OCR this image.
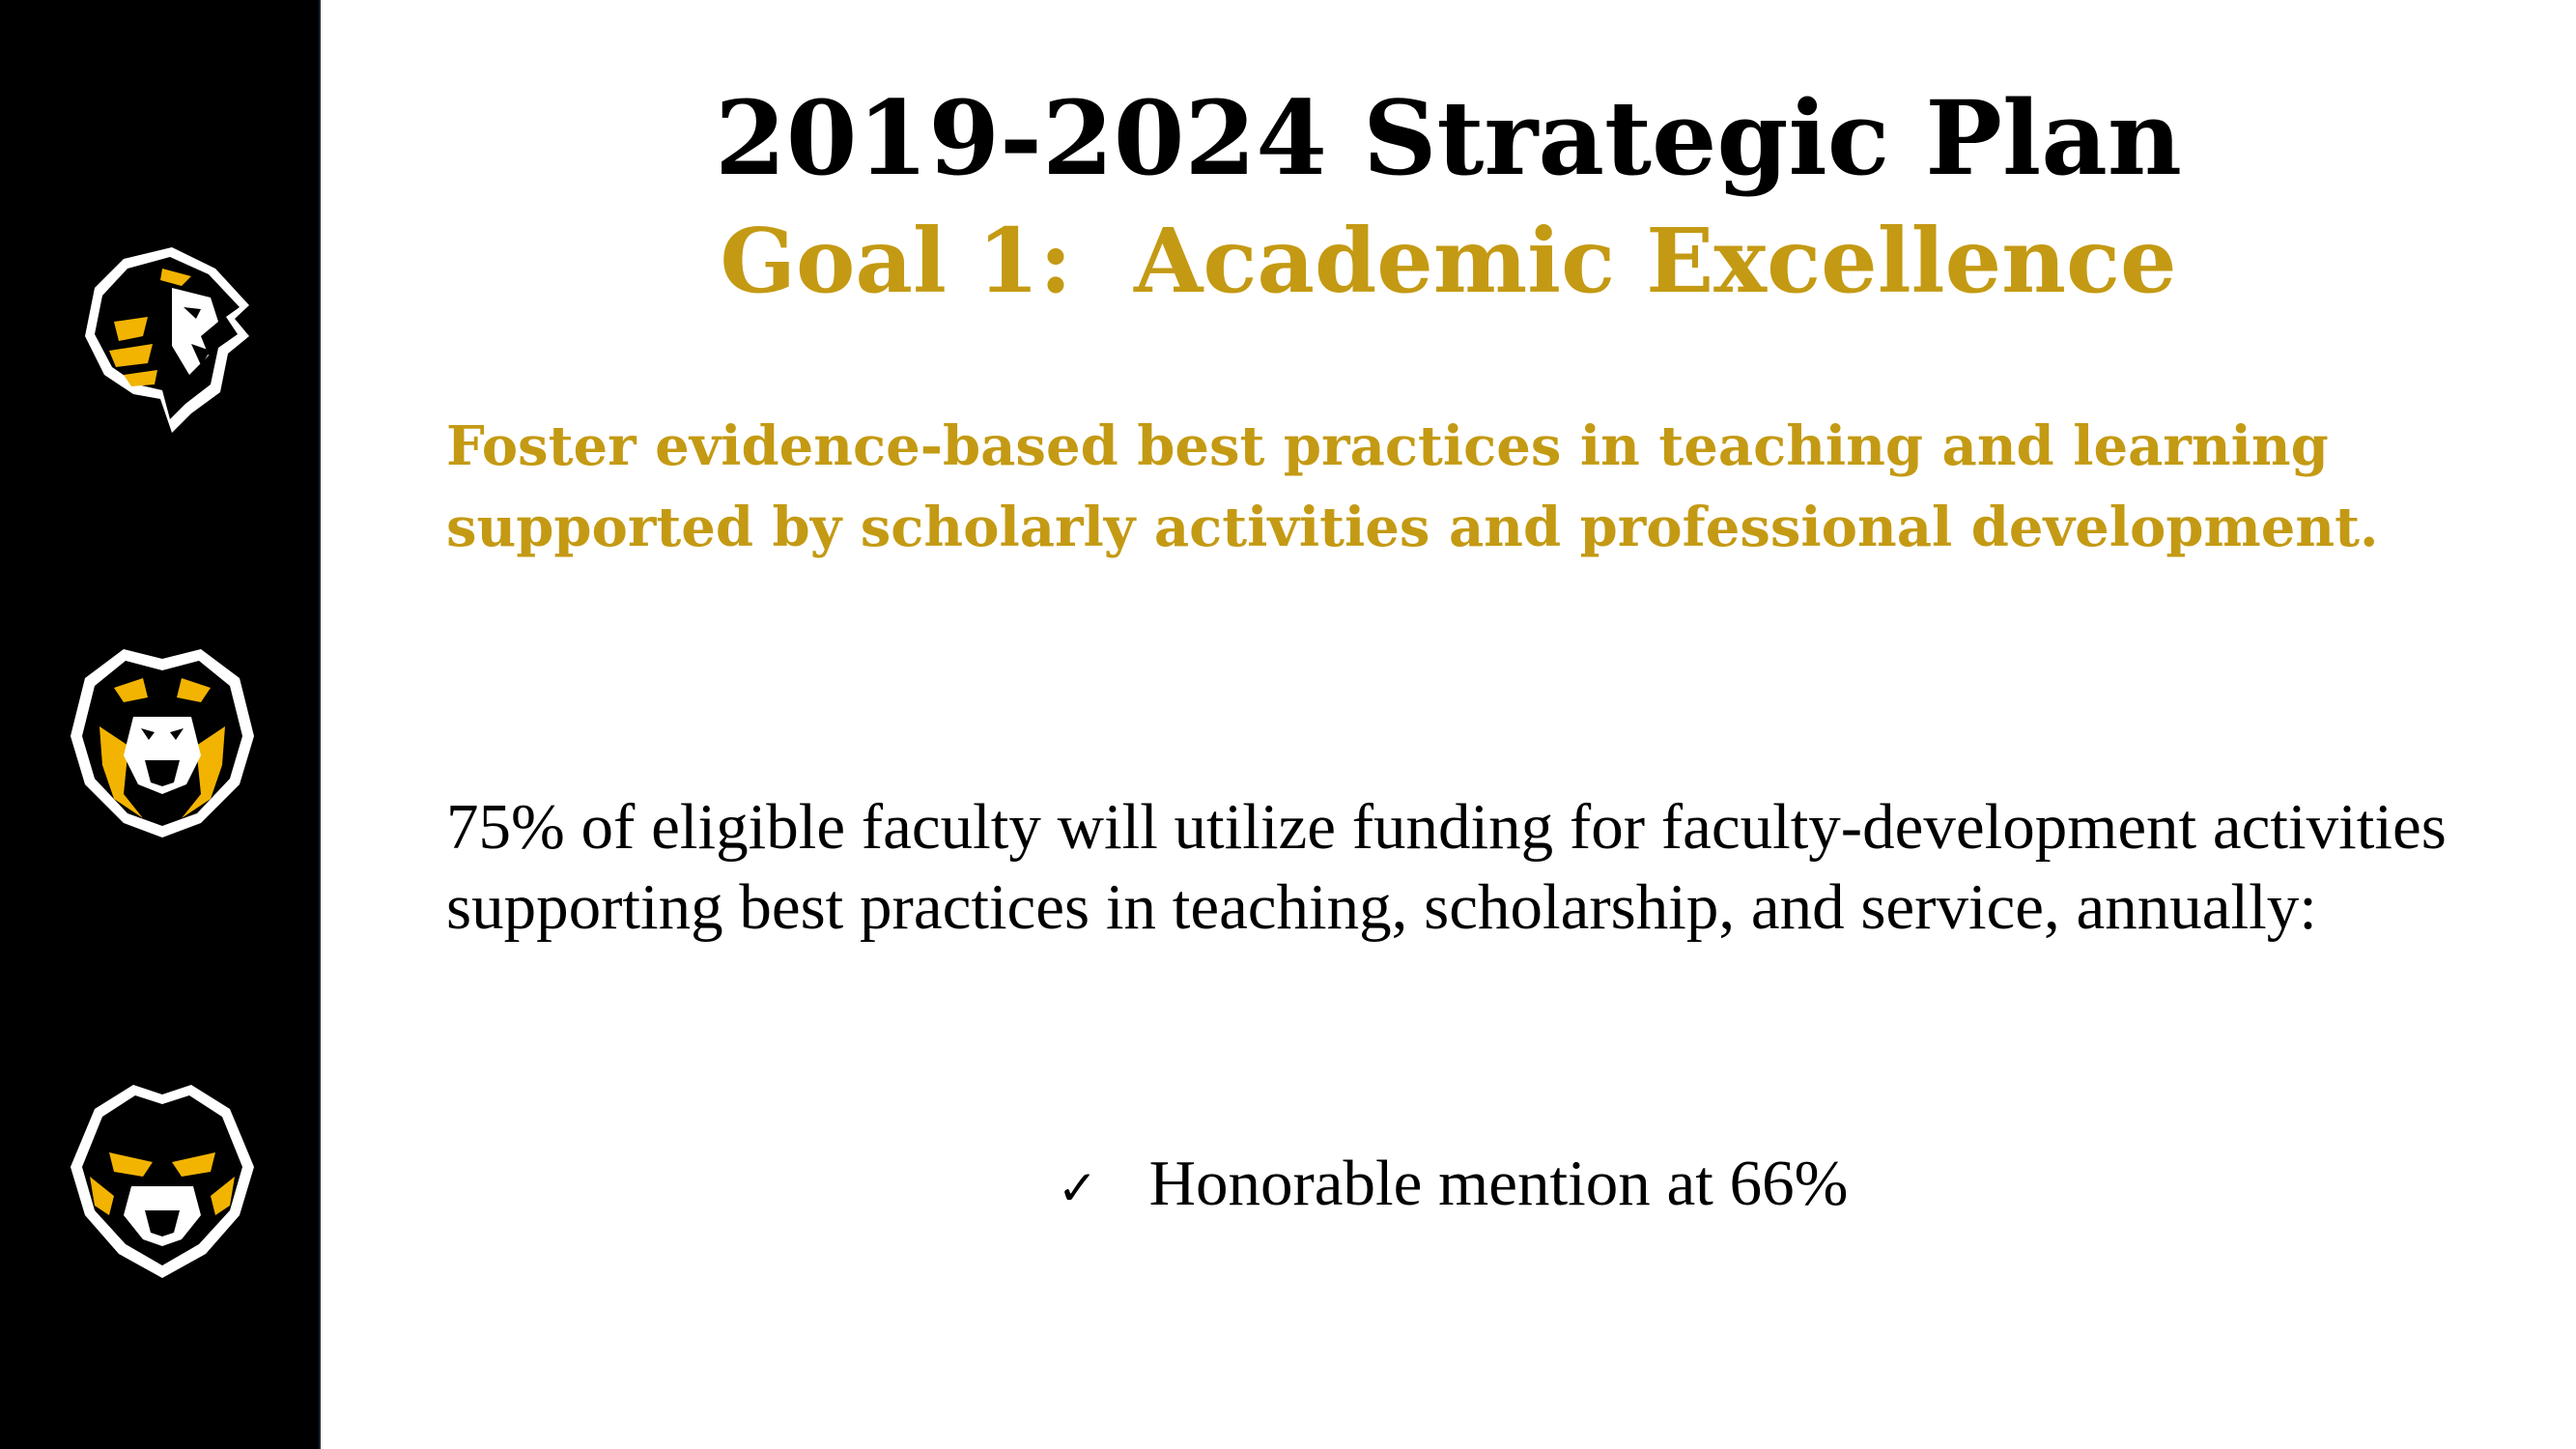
2019-2024 Strategic Plan
Goal 1:  Academic Excellence

Foster evidence-based best practices in teaching and learning supported by scholarly activities and professional development.

75% of eligible faculty will utilize funding for faculty-development activities supporting best practices in teaching, scholarship, and service, annually:

✓ Honorable mention at 66%
